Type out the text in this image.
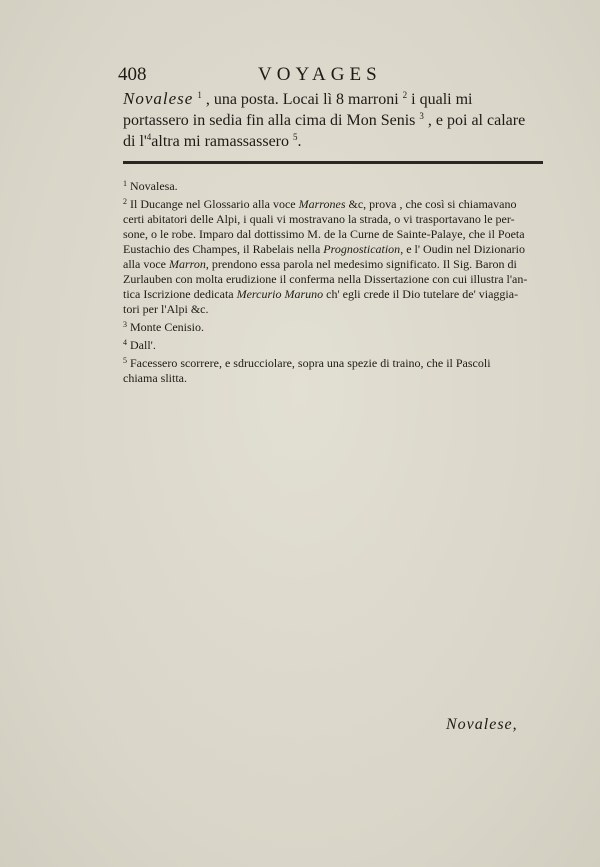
408	VOYAGES
Novalese $^1$ , una posta. Locai lì 8 marroni $^2$ i quali mi
portassero in sedia fin alla cima di Mon Senis $^3$ , e poi al calare
di $l'^4altra$ mi ramassassero $^5$.
$^1$ Novalesa.
$^2$ Il Ducange nel Glossario alla voce Marrones &c, prova , che così si chiamavano
certi abitatori delle Alpi, i quali vi mostravano la strada, o vi trasportavano le per-
sone, o le robe. Imparo dal dottissimo M. de la Curne de Sainte-Palaye, che il Poeta
Eustachio des Champes, il Rabelais nella Prognostication, e l' Oudin nel Dizionario
alla voce Marron, prendono essa parola nel medesimo significato. Il Sig. Baron di
Zurlauben con molta erudizione il conferma nella Dissertazione con cui illustra l'an-
tica Iscrizione dedicata Mercurio Maruno ch' egli crede il Dio tutelare de' viaggia-
tori per l'Alpi &c.
$^3$ Monte Cenisio.
$^4$ Dall'.
$^5$ Facessero scorrere, e sdrucciolare, sopra una spezie di traino, che il Pascoli
chiama slitta.
Novalese,
